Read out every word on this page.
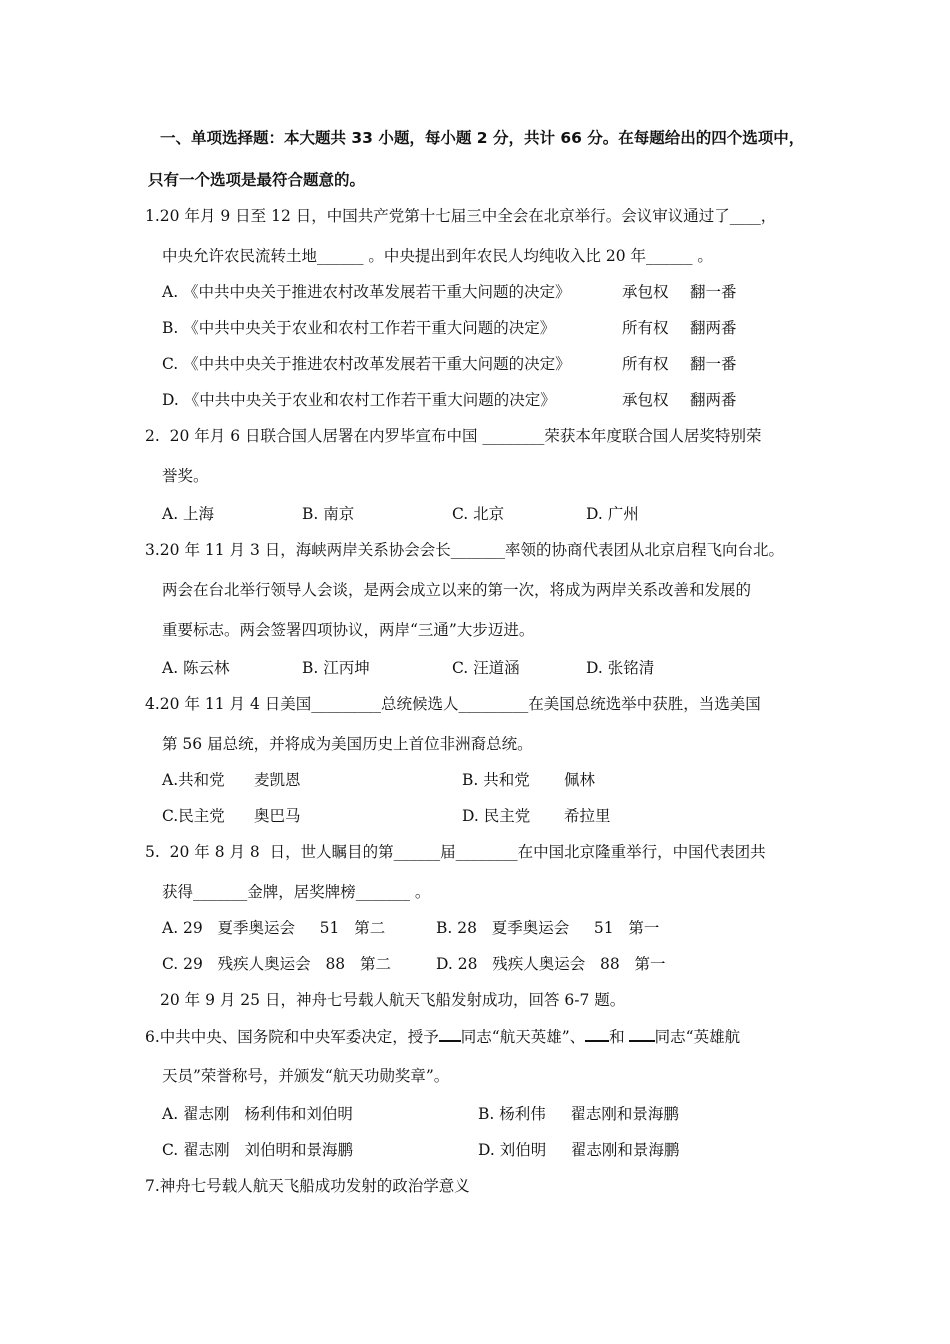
一、单项选择题：本大题共 33 小题，每小题 2 分，共计 66 分。在每题给出的四个选项中，
只有一个选项是最符合题意的。
1.20 年月 9 日至 12 日，中国共产党第十七届三中全会在北京举行。会议审议通过了____，
中央允许农民流转土地______ 。中央提出到年农民人均纯收入比 20 年______ 。
A. 《中共中央关于推进农村改革发展若干重大问题的决定》	承包权 翻一番
B. 《中共中央关于农业和农村工作若干重大问题的决定》	所有权 翻两番
C. 《中共中央关于推进农村改革发展若干重大问题的决定》	所有权 翻一番
D. 《中共中央关于农业和农村工作若干重大问题的决定》	承包权 翻两番
2.  20 年月 6 日联合国人居署在内罗毕宣布中国 ________荣获本年度联合国人居奖特别荣
誉奖。
A. 上海	B. 南京	C. 北京	D. 广州
3.20 年 11 月 3 日，海峡两岸关系协会会长_______率领的协商代表团从北京启程飞向台北。
两会在台北举行领导人会谈，是两会成立以来的第一次，将成为两岸关系改善和发展的
重要标志。两会签署四项协议，两岸“三通”大步迈进。
A. 陈云林	B. 江丙坤	C. 汪道涵	D. 张铭清
4.20 年 11 月 4 日美国_________总统候选人_________在美国总统选举中获胜，当选美国
第 56 届总统，并将成为美国历史上首位非洲裔总统。
A.共和党 麦凯恩	B. 共和党 佩林
C.民主党 奥巴马	D. 民主党 希拉里
5.  20 年 8 月 8  日，世人瞩目的第______届________在中国北京隆重举行，中国代表团共
获得_______金牌，居奖牌榜_______ 。
A. 29   夏季奥运会     51   第二	B. 28   夏季奥运会     51   第一
C. 29   残疾人奥运会   88   第二	D. 28   残疾人奥运会   88   第一
20 年 9 月 25 日，神舟七号载人航天飞船发射成功，回答 6-7 题。
6.中共中央、国务院和中央军委决定，授予 同志“航天英雄”、 和 同志“英雄航
天员”荣誉称号，并颁发“航天功勋奖章”。
A. 翟志刚   杨利伟和刘伯明	B. 杨利伟     翟志刚和景海鹏
C. 翟志刚   刘伯明和景海鹏	D. 刘伯明     翟志刚和景海鹏
7.神舟七号载人航天飞船成功发射的政治学意义
